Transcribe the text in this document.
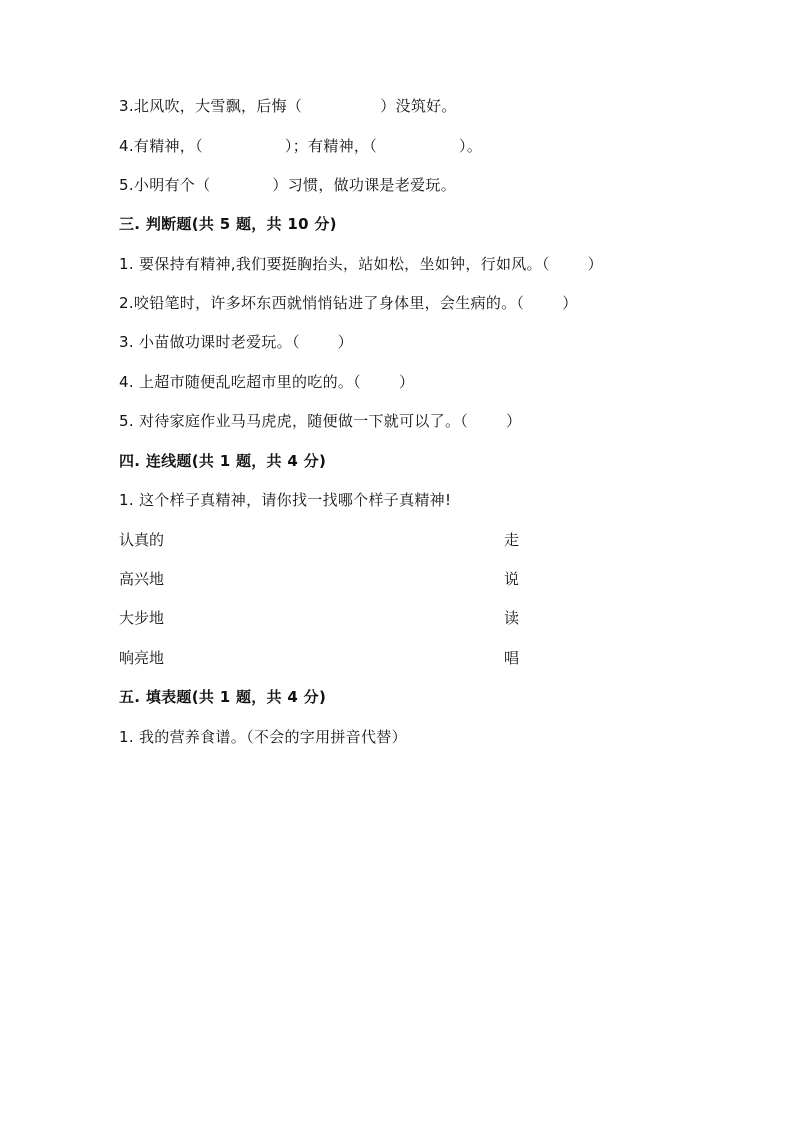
3.北风吹，大雪飘，后悔（	）没筑好。
4.有精神，（	）；有精神，（	）。
5.小明有个（	）习惯，做功课是老爱玩。
三. 判断题(共 5 题，共 10 分)
1. 要保持有精神,我们要挺胸抬头，站如松，坐如钟，行如风。（	）
2.咬铅笔时，许多坏东西就悄悄钻进了身体里，会生病的。（	）
3. 小苗做功课时老爱玩。（	）
4. 上超市随便乱吃超市里的吃的。（	）
5. 对待家庭作业马马虎虎，随便做一下就可以了。（	）
四. 连线题(共 1 题，共 4 分)
1. 这个样子真精神，请你找一找哪个样子真精神!
认真的	走
高兴地	说
大步地	读
响亮地	唱
五. 填表题(共 1 题，共 4 分)
1. 我的营养食谱。（不会的字用拼音代替）
